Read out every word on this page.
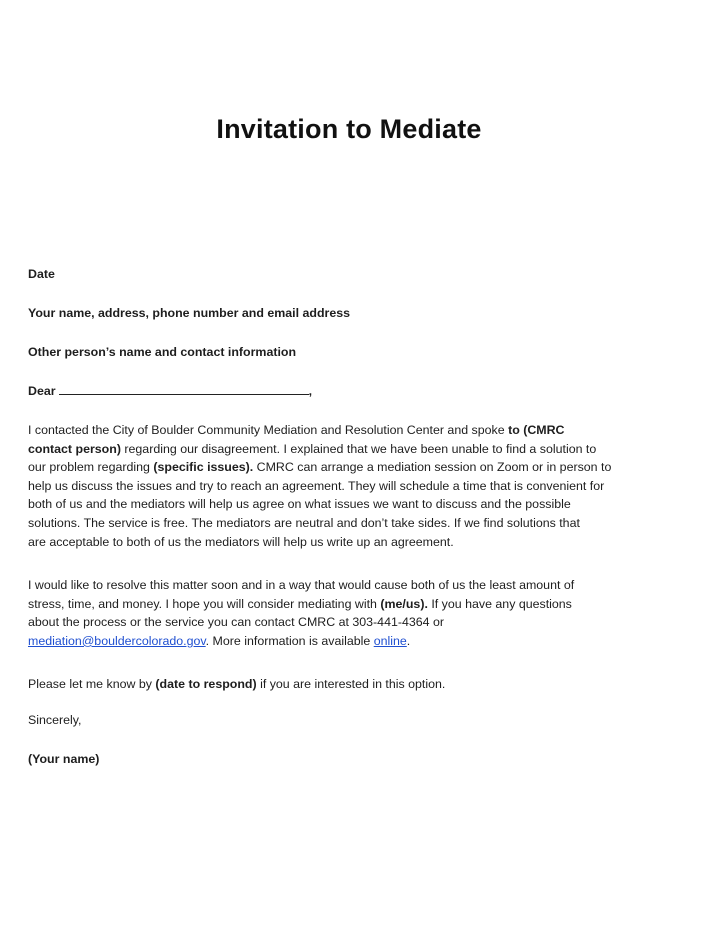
Invitation to Mediate
Date
Your name, address, phone number and email address
Other person’s name and contact information
Dear	,
I contacted the City of Boulder Community Mediation and Resolution Center and spoke to (CMRC
contact person) regarding our disagreement. I explained that we have been unable to find a solution to
our problem regarding (specific issues). CMRC can arrange a mediation session on Zoom or in person to
help us discuss the issues and try to reach an agreement. They will schedule a time that is convenient for
both of us and the mediators will help us agree on what issues we want to discuss and the possible
solutions. The service is free. The mediators are neutral and don’t take sides. If we find solutions that
are acceptable to both of us the mediators will help us write up an agreement.
I would like to resolve this matter soon and in a way that would cause both of us the least amount of
stress, time, and money. I hope you will consider mediating with (me/us). If you have any questions
about the process or the service you can contact CMRC at 303-441-4364 or
mediation@bouldercolorado.gov. More information is available online.
Please let me know by (date to respond) if you are interested in this option.
Sincerely,
(Your name)
